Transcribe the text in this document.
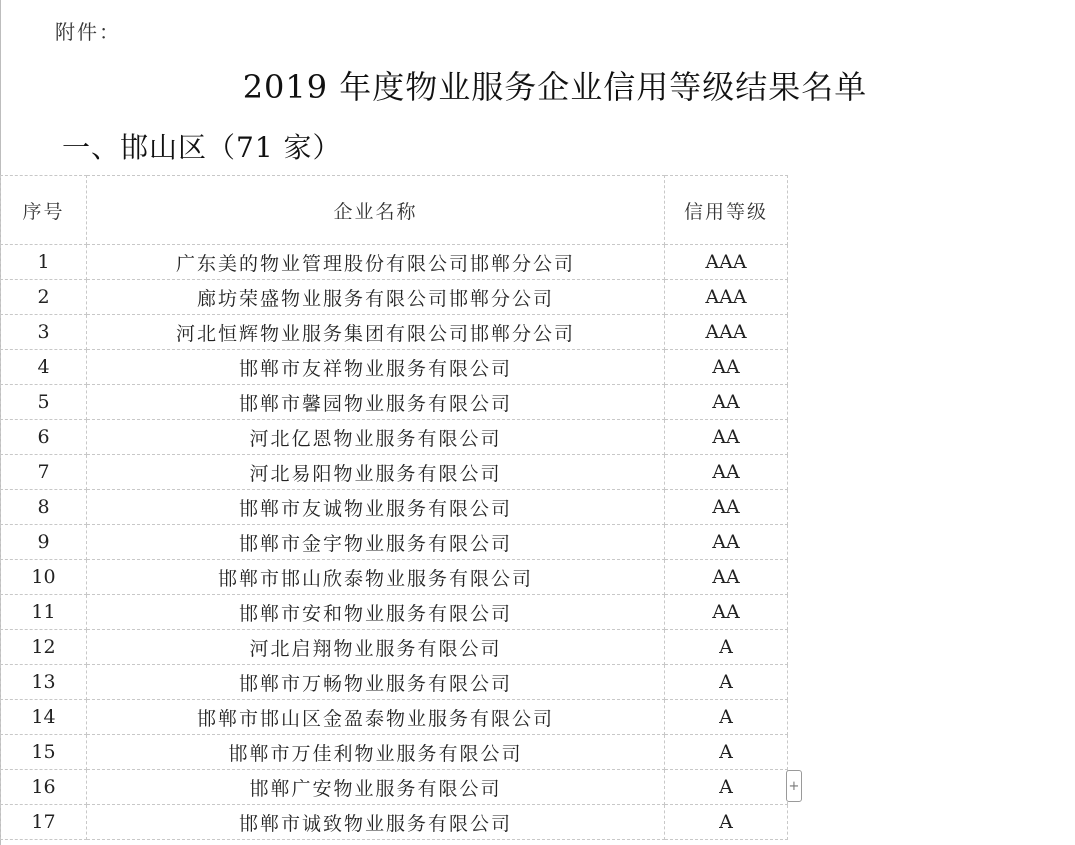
附件：
2019 年度物业服务企业信用等级结果名单
一、邯山区（71 家）
序号	企业名称	信用等级
1	广东美的物业管理股份有限公司邯郸分公司	AAA
2	廊坊荣盛物业服务有限公司邯郸分公司	AAA
3	河北恒辉物业服务集团有限公司邯郸分公司	AAA
4	邯郸市友祥物业服务有限公司	AA
5	邯郸市馨园物业服务有限公司	AA
6	河北亿恩物业服务有限公司	AA
7	河北易阳物业服务有限公司	AA
8	邯郸市友诚物业服务有限公司	AA
9	邯郸市金宇物业服务有限公司	AA
10	邯郸市邯山欣泰物业服务有限公司	AA
11	邯郸市安和物业服务有限公司	AA
12	河北启翔物业服务有限公司	A
13	邯郸市万畅物业服务有限公司	A
14	邯郸市邯山区金盈泰物业服务有限公司	A
15	邯郸市万佳利物业服务有限公司	A
16	邯郸广安物业服务有限公司	A
17	邯郸市诚致物业服务有限公司	A
+
